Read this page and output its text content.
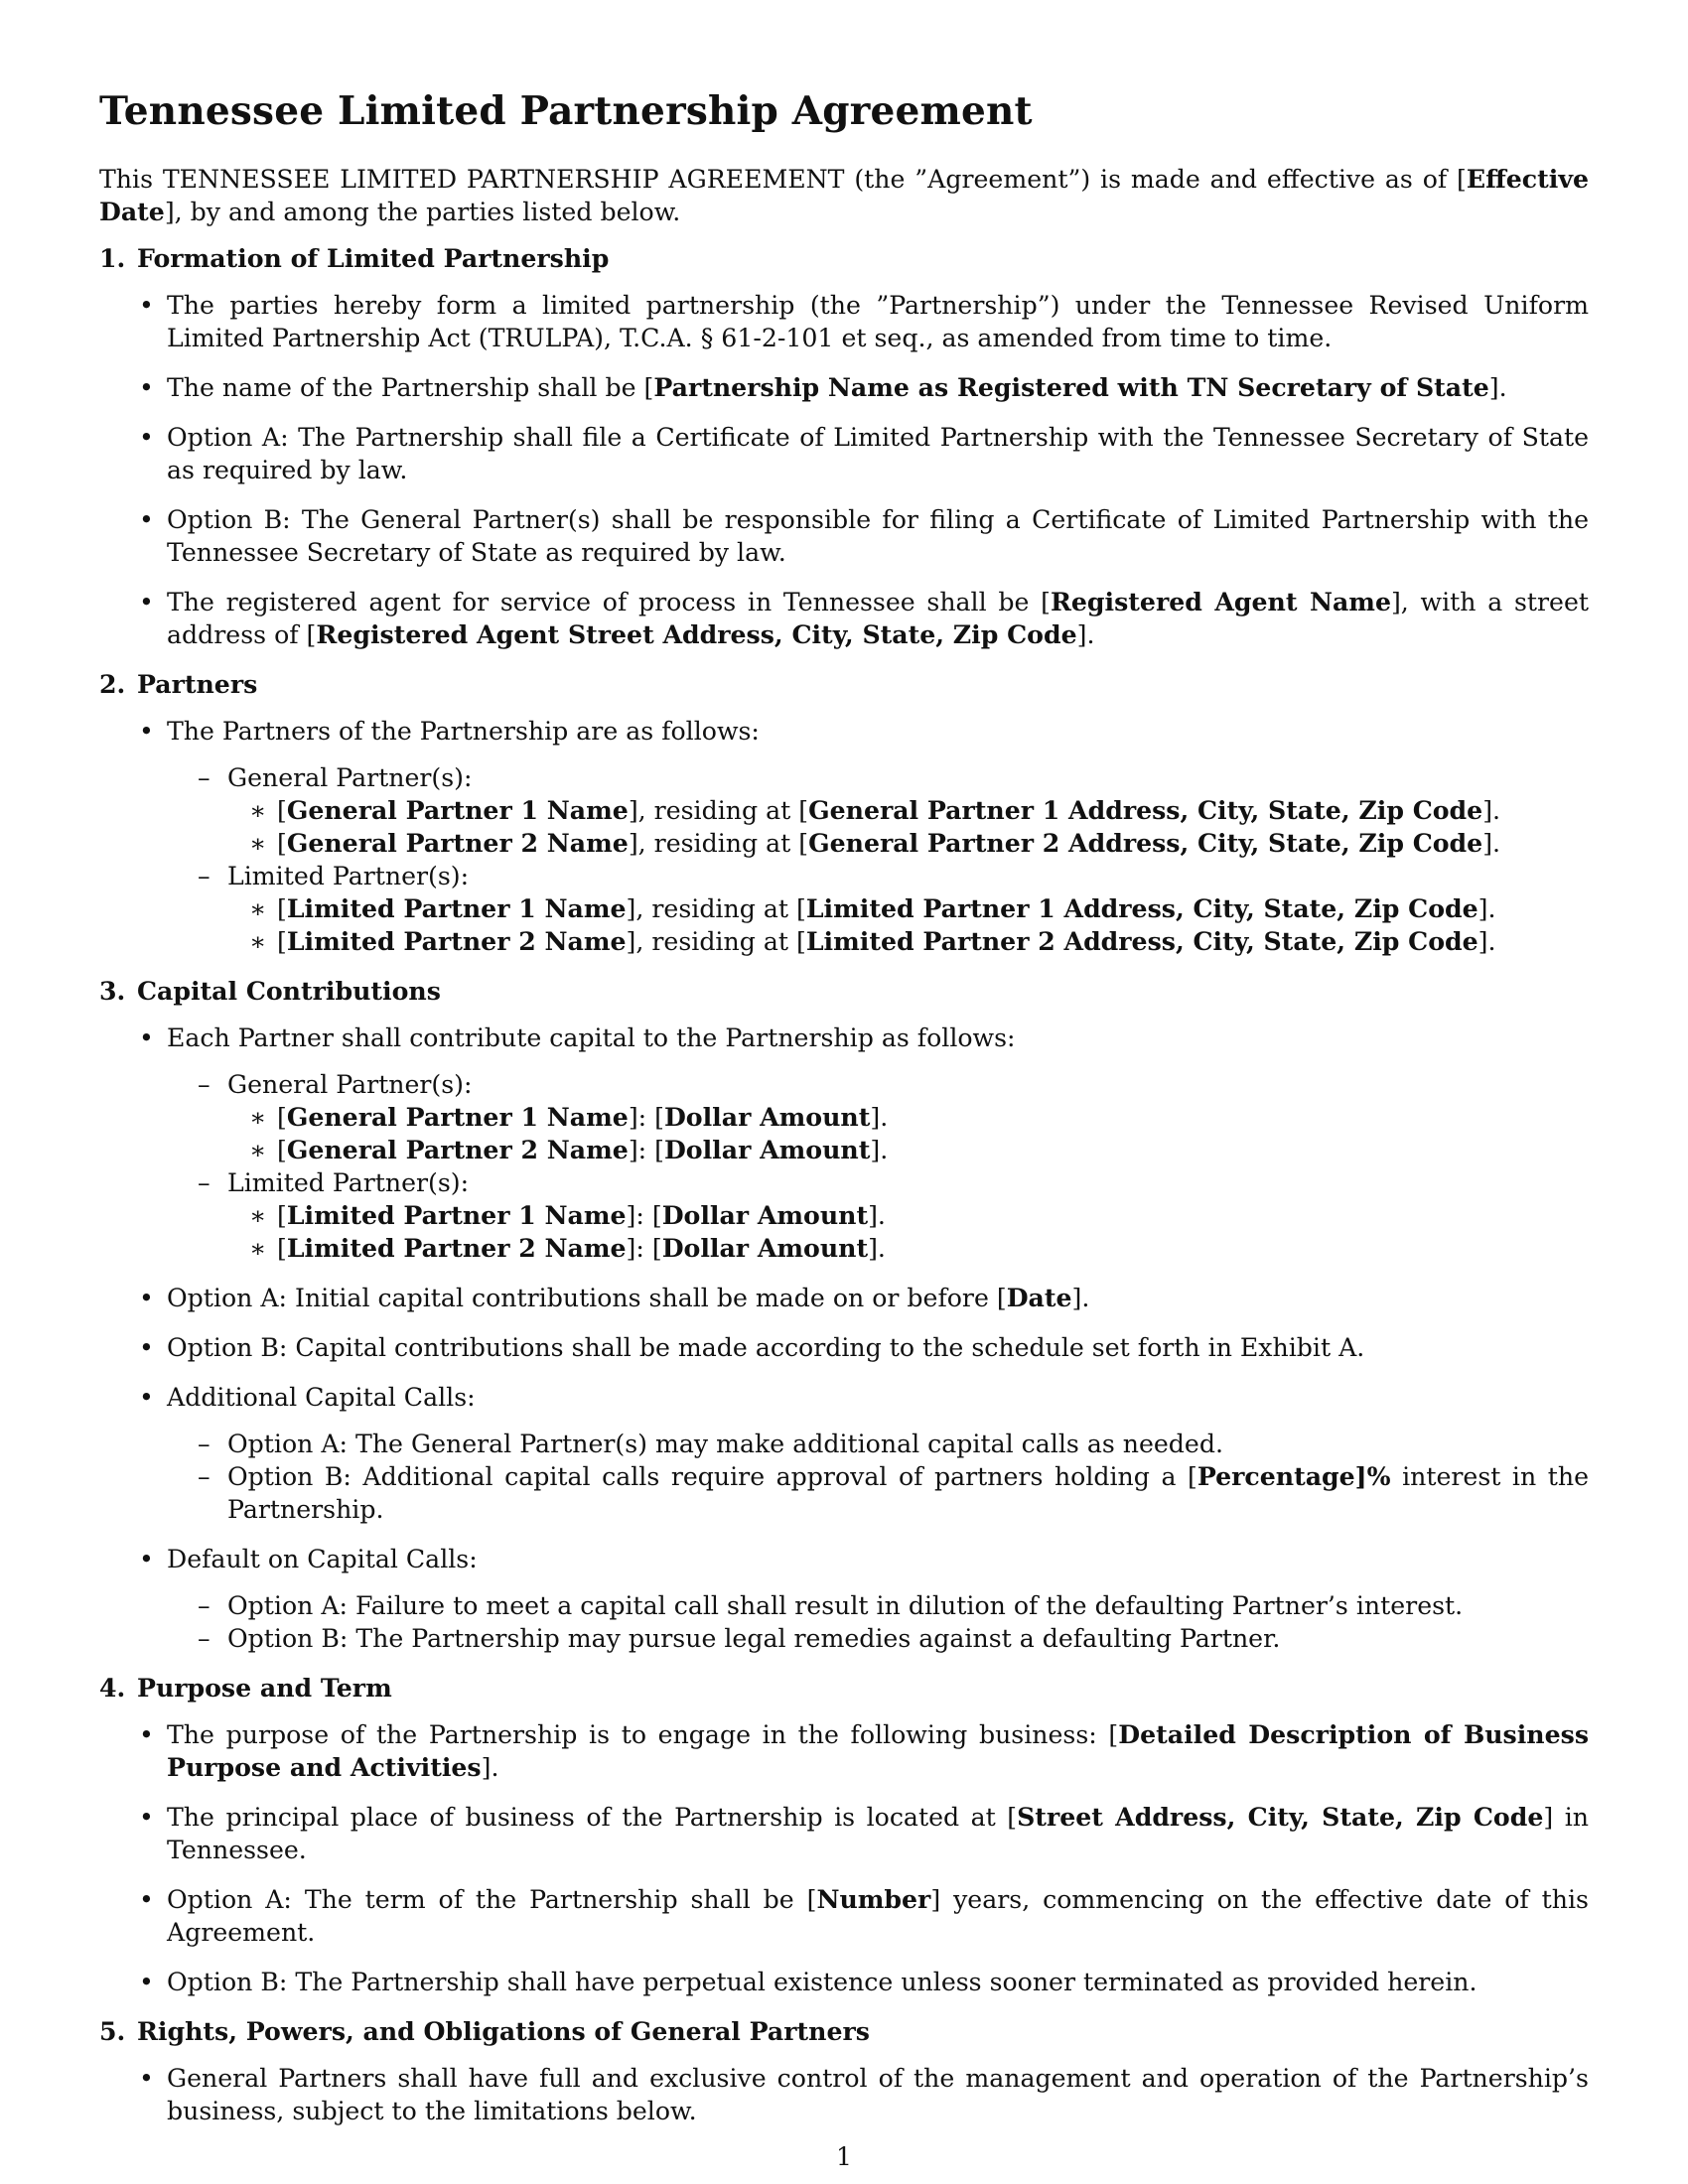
Tennessee Limited Partnership Agreement

This TENNESSEE LIMITED PARTNERSHIP AGREEMENT (the ”Agreement”) is made and effective as of [Effective Date], by and among the parties listed below.

1. Formation of Limited Partnership
• The parties hereby form a limited partnership (the ”Partnership”) under the Tennessee Revised Uniform Limited Partnership Act (TRULPA), T.C.A. § 61-2-101 et seq., as amended from time to time.
• The name of the Partnership shall be [Partnership Name as Registered with TN Secretary of State].
• Option A: The Partnership shall file a Certificate of Limited Partnership with the Tennessee Secretary of State as required by law.
• Option B: The General Partner(s) shall be responsible for filing a Certificate of Limited Partnership with the Tennessee Secretary of State as required by law.
• The registered agent for service of process in Tennessee shall be [Registered Agent Name], with a street address of [Registered Agent Street Address, City, State, Zip Code].
2. Partners
• The Partners of the Partnership are as follows:
– General Partner(s):
∗ [General Partner 1 Name], residing at [General Partner 1 Address, City, State, Zip Code].
∗ [General Partner 2 Name], residing at [General Partner 2 Address, City, State, Zip Code].
– Limited Partner(s):
∗ [Limited Partner 1 Name], residing at [Limited Partner 1 Address, City, State, Zip Code].
∗ [Limited Partner 2 Name], residing at [Limited Partner 2 Address, City, State, Zip Code].
3. Capital Contributions
• Each Partner shall contribute capital to the Partnership as follows:
– General Partner(s):
∗ [General Partner 1 Name]: [Dollar Amount].
∗ [General Partner 2 Name]: [Dollar Amount].
– Limited Partner(s):
∗ [Limited Partner 1 Name]: [Dollar Amount].
∗ [Limited Partner 2 Name]: [Dollar Amount].
• Option A: Initial capital contributions shall be made on or before [Date].
• Option B: Capital contributions shall be made according to the schedule set forth in Exhibit A.
• Additional Capital Calls:
– Option A: The General Partner(s) may make additional capital calls as needed.
– Option B: Additional capital calls require approval of partners holding a [Percentage]% interest in the Partnership.
• Default on Capital Calls:
– Option A: Failure to meet a capital call shall result in dilution of the defaulting Partner’s interest.
– Option B: The Partnership may pursue legal remedies against a defaulting Partner.
4. Purpose and Term
• The purpose of the Partnership is to engage in the following business: [Detailed Description of Business Purpose and Activities].
• The principal place of business of the Partnership is located at [Street Address, City, State, Zip Code] in Tennessee.
• Option A: The term of the Partnership shall be [Number] years, commencing on the effective date of this Agreement.
• Option B: The Partnership shall have perpetual existence unless sooner terminated as provided herein.
5. Rights, Powers, and Obligations of General Partners
• General Partners shall have full and exclusive control of the management and operation of the Partnership’s business, subject to the limitations below.
1
